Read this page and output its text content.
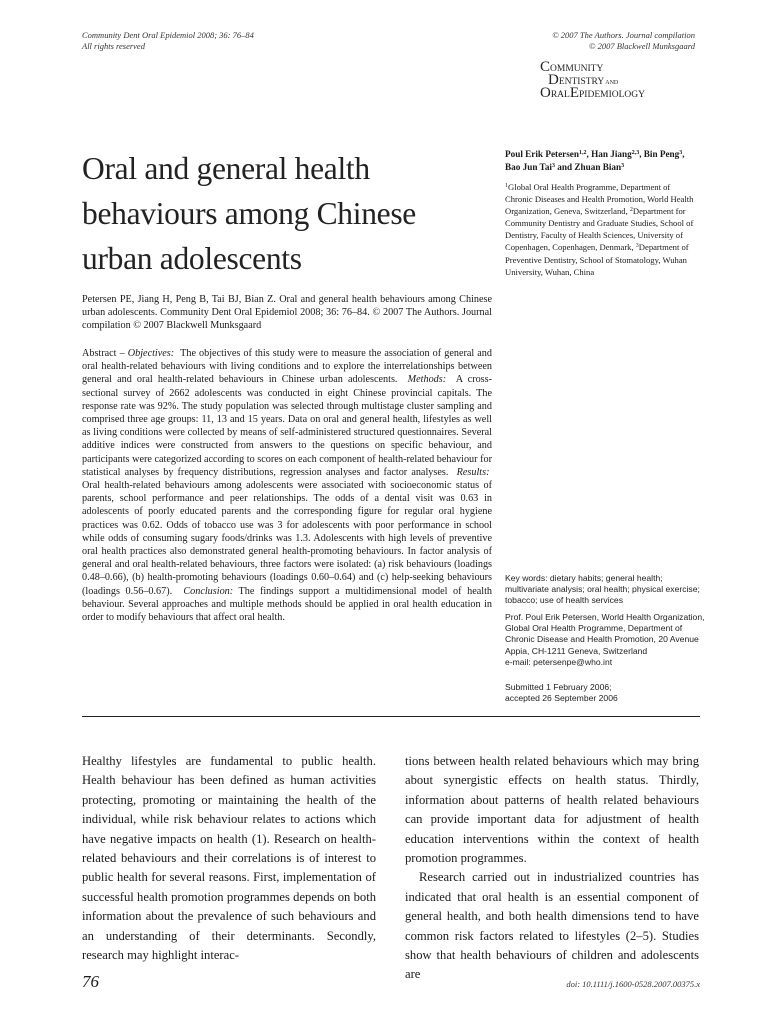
Community Dent Oral Epidemiol 2008; 36: 76–84
All rights reserved
© 2007 The Authors. Journal compilation
© 2007 Blackwell Munksgaard
COMMUNITY
DENTISTRYAND
ORALEPIDEMIOLOGY
Oral and general health behaviours among Chinese urban adolescents
Petersen PE, Jiang H, Peng B, Tai BJ, Bian Z. Oral and general health behaviours among Chinese urban adolescents. Community Dent Oral Epidemiol 2008; 36: 76–84. © 2007 The Authors. Journal compilation © 2007 Blackwell Munksgaard
Abstract – Objectives: The objectives of this study were to measure the association of general and oral health-related behaviours with living conditions and to explore the interrelationships between general and oral health-related behaviours in Chinese urban adolescents. Methods: A cross-sectional survey of 2662 adolescents was conducted in eight Chinese provincial capitals. The response rate was 92%. The study population was selected through multistage cluster sampling and comprised three age groups: 11, 13 and 15 years. Data on oral and general health, lifestyles as well as living conditions were collected by means of self-administered structured questionnaires. Several additive indices were constructed from answers to the questions on specific behaviour, and participants were categorized according to scores on each component of health-related behaviour for statistical analyses by frequency distributions, regression analyses and factor analyses. Results:  Oral health-related behaviours among adolescents were associated with socioeconomic status of parents, school performance and peer relationships. The odds of a dental visit was 0.63 in adolescents of poorly educated parents and the corresponding figure for regular oral hygiene practices was 0.62. Odds of tobacco use was 3 for adolescents with poor performance in school while odds of consuming sugary foods/drinks was 1.3. Adolescents with high levels of preventive oral health practices also demonstrated general health-promoting behaviours. In factor analysis of general and oral health-related behaviours, three factors were isolated: (a) risk behaviours (loadings 0.48–0.66), (b) health-promoting behaviours (loadings 0.60–0.64) and (c) help-seeking behaviours (loadings 0.56–0.67). Conclusion: The findings support a multidimensional model of health behaviour. Several approaches and multiple methods should be applied in oral health education in order to modify behaviours that affect oral health.
Poul Erik Petersen$^{1,2}$, Han Jiang$^{2,3}$, Bin Peng$^3$, Bao Jun Tai$^3$ and Zhuan Bian$^3$
$^1$Global Oral Health Programme, Department of Chronic Diseases and Health Promotion, World Health Organization, Geneva, Switzerland, $^2$Department for Community Dentistry and Graduate Studies, School of Dentistry, Faculty of Health Sciences, University of Copenhagen, Copenhagen, Denmark, $^3$Department of Preventive Dentistry, School of Stomatology, Wuhan University, Wuhan, China
Key words: dietary habits; general health; multivariate analysis; oral health; physical exercise; tobacco; use of health services
Prof. Poul Erik Petersen, World Health Organization, Global Oral Health Programme, Department of Chronic Disease and Health Promotion, 20 Avenue Appia, CH-1211 Geneva, Switzerland
e-mail: petersenpe@who.int
Submitted 1 February 2006;
accepted 26 September 2006

Healthy lifestyles are fundamental to public health. Health behaviour has been defined as human activities protecting, promoting or maintaining the health of the individual, while risk behaviour relates to actions which have negative impacts on health (1). Research on health-related behaviours and their correlations is of interest to public health for several reasons. First, implementation of successful health promotion programmes depends on both information about the prevalence of such behaviours and an understanding of their determinants. Secondly, research may highlight interac-

tions between health related behaviours which may bring about synergistic effects on health status. Thirdly, information about patterns of health related behaviours can provide important data for adjustment of health education interventions within the context of health promotion programmes.

Research carried out in industrialized countries has indicated that oral health is an essential component of general health, and both health dimensions tend to have common risk factors related to lifestyles (2–5). Studies show that health behaviours of children and adolescents are

76	doi: 10.1111/j.1600-0528.2007.00375.x
